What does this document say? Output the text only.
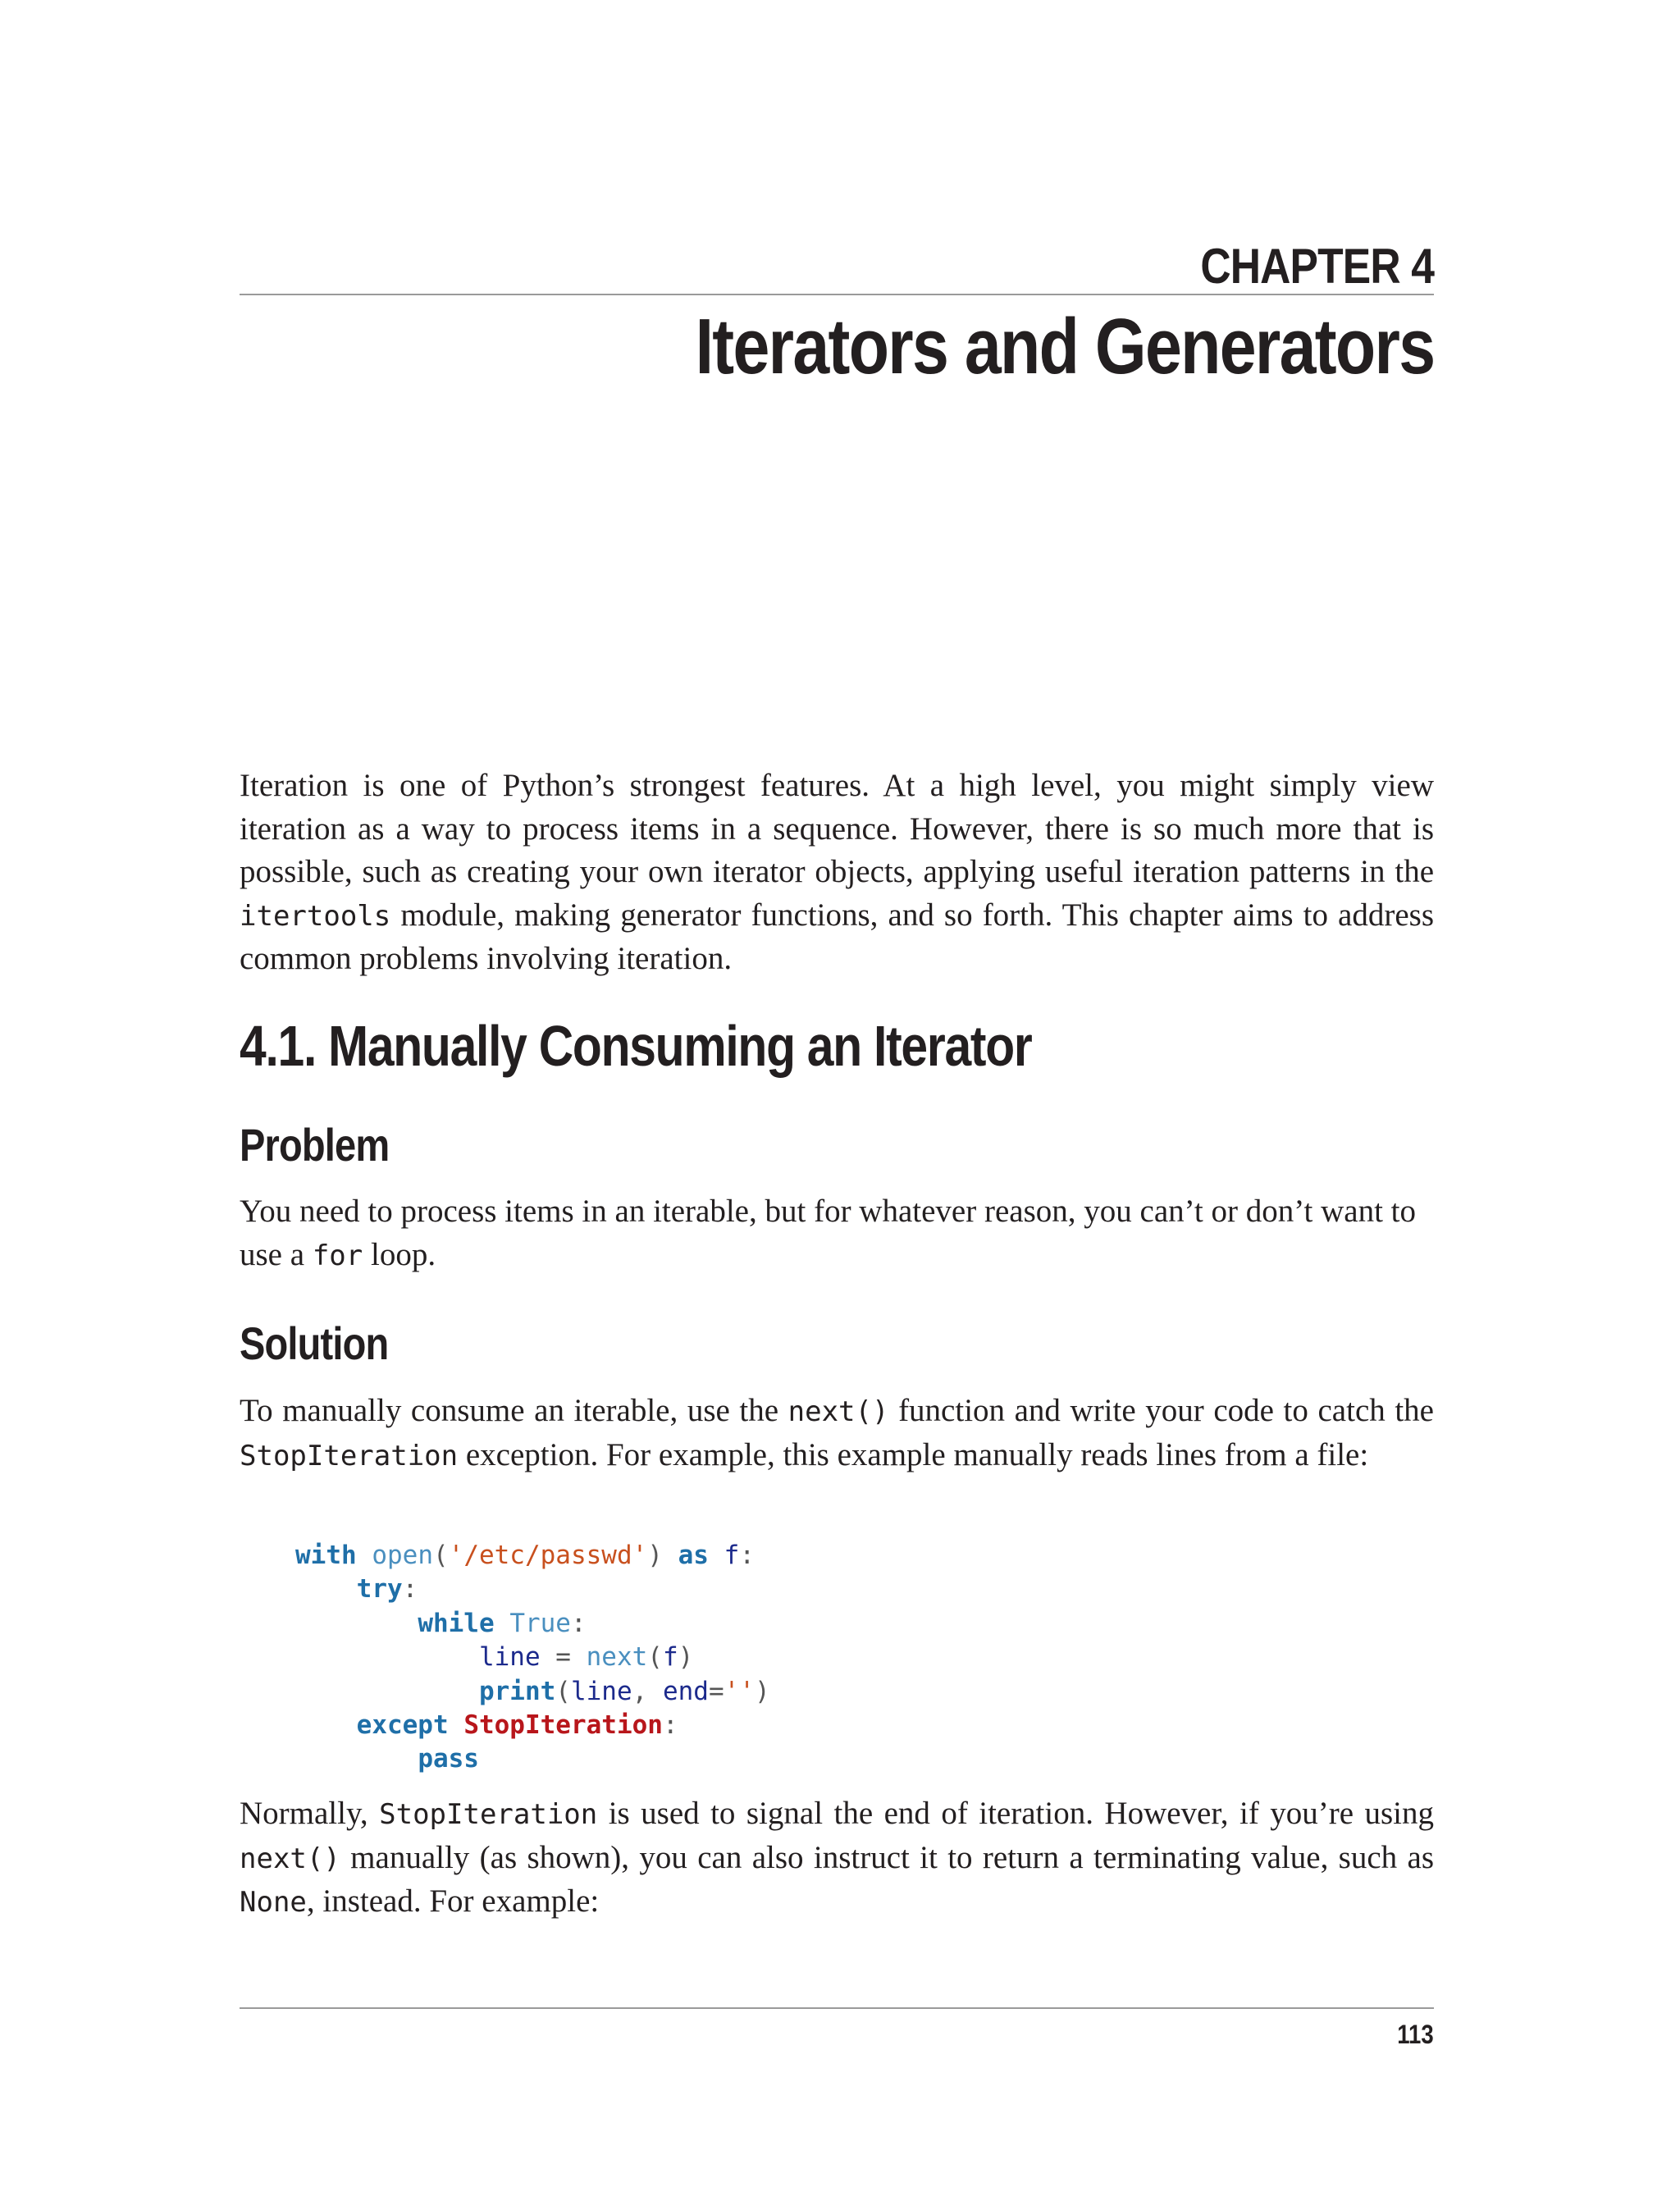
CHAPTER 4
Iterators and Generators

Iteration is one of Python’s strongest features. At a high level, you might simply view iteration as a way to process items in a sequence. However, there is so much more that is possible, such as creating your own iterator objects, applying useful iteration patterns in the itertools module, making generator functions, and so forth. This chapter aims to address common problems involving iteration.

4.1. Manually Consuming an Iterator
Problem

You need to process items in an iterable, but for whatever reason, you can’t or don’t want to use a for loop.

Solution

To manually consume an iterable, use the next() function and write your code to catch the StopIteration exception. For example, this example manually reads lines from a file:

with open('/etc/passwd') as f:
try:
while True:
line = next(f)
print(line, end='')
except StopIteration:
pass

Normally, StopIteration is used to signal the end of iteration. However, if you’re using next() manually (as shown), you can also instruct it to return a terminating value, such as None, instead. For example:

113
